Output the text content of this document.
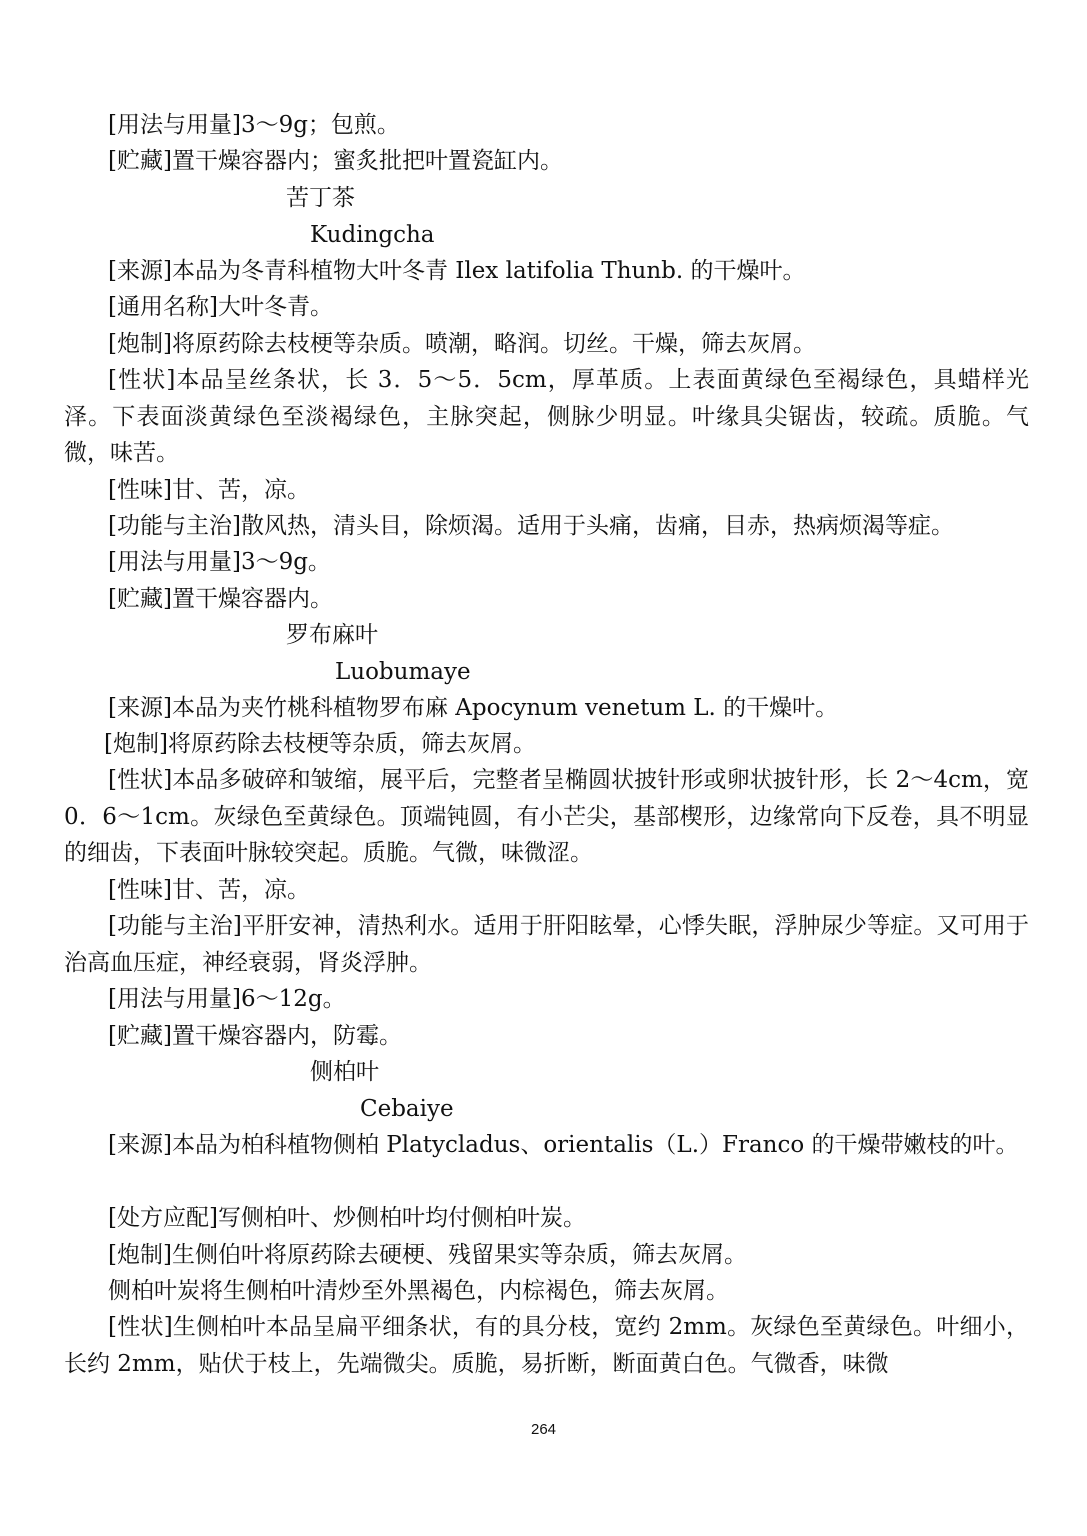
[用法与用量]3～9g；包煎。
[贮藏]置干燥容器内；蜜炙批把叶置瓷缸内。
苦丁茶
Kudingcha
[来源]本品为冬青科植物大叶冬青 Ilex latifolia Thunb. 的干燥叶。
[通用名称]大叶冬青。
[炮制]将原药除去枝梗等杂质。喷潮，略润。切丝。干燥，筛去灰屑。
[性状]本品呈丝条状，长 3．5～5．5cm，厚革质。上表面黄绿色至褐绿色，具蜡样光泽。下表面淡黄绿色至淡褐绿色，主脉突起，侧脉少明显。叶缘具尖锯齿，较疏。质脆。气微，味苦。
[性味]甘、苦，凉。
[功能与主治]散风热，清头目，除烦渴。适用于头痛，齿痛，目赤，热病烦渴等症。
[用法与用量]3～9g。
[贮藏]置干燥容器内。
罗布麻叶
Luobumaye
[来源]本品为夹竹桃科植物罗布麻 Apocynum venetum L. 的干燥叶。
[炮制]将原药除去枝梗等杂质，筛去灰屑。
[性状]本品多破碎和皱缩，展平后，完整者呈椭圆状披针形或卵状披针形，长 2～4cm，宽 0．6～1cm。灰绿色至黄绿色。顶端钝圆，有小芒尖，基部楔形，边缘常向下反卷，具不明显的细齿，下表面叶脉较突起。质脆。气微，味微涩。
[性味]甘、苦，凉。
[功能与主治]平肝安神，清热利水。适用于肝阳眩晕，心悸失眠，浮肿尿少等症。又可用于治高血压症，神经衰弱，肾炎浮肿。
[用法与用量]6～12g。
[贮藏]置干燥容器内，防霉。
侧柏叶
Cebaiye
[来源]本品为柏科植物侧柏 Platycladus、orientalis（L.）Franco 的干燥带嫩枝的叶。
[处方应配]写侧柏叶、炒侧柏叶均付侧柏叶炭。
[炮制]生侧伯叶将原药除去硬梗、残留果实等杂质，筛去灰屑。
侧柏叶炭将生侧柏叶清炒至外黑褐色，内棕褐色，筛去灰屑。
[性状]生侧柏叶本品呈扁平细条状，有的具分枝，宽约 2mm。灰绿色至黄绿色。叶细小，长约 2mm，贴伏于枝上，先端微尖。质脆，易折断，断面黄白色。气微香，味微
264
